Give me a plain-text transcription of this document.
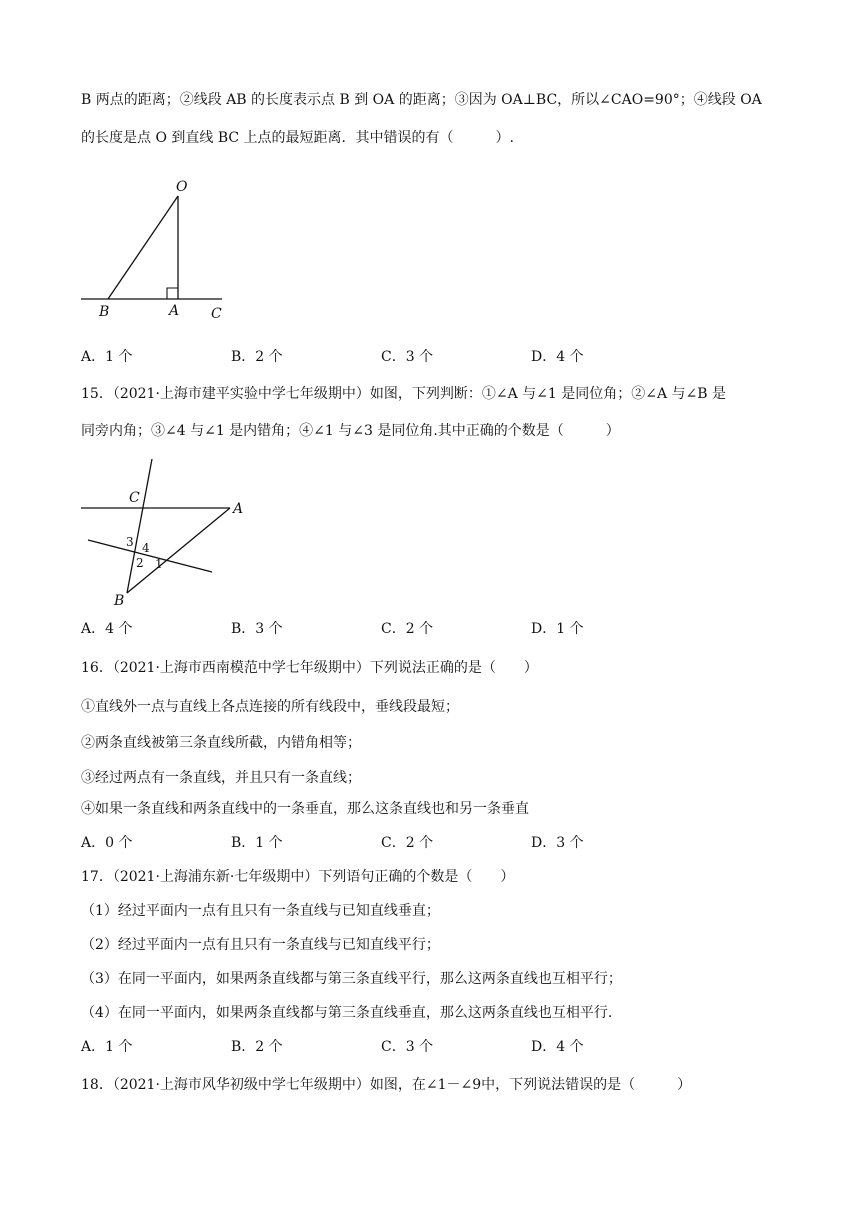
B 两点的距离；②线段 AB 的长度表示点 B 到 OA 的距离；③因为 OA⊥BC，所以∠CAO=90°；④线段 OA
的长度是点 O 到直线 BC 上点的最短距离．其中错误的有（　　　）.
O
B	A C
A．1 个	B．2 个	C．3 个	D．4 个
15．（2021·上海市建平实验中学七年级期中）如图，下列判断：①∠A 与∠1 是同位角；②∠A 与∠B 是
同旁内角；③∠4 与∠1 是内错角；④∠1 与∠3 是同位角.其中正确的个数是（　　　）
C
A
B
3 4
2 1
A．4 个	B．3 个	C．2 个	D．1 个
16．（2021·上海市西南模范中学七年级期中）下列说法正确的是（　　）
①直线外一点与直线上各点连接的所有线段中，垂线段最短；
②两条直线被第三条直线所截，内错角相等；
③经过两点有一条直线，并且只有一条直线；
④如果一条直线和两条直线中的一条垂直，那么这条直线也和另一条垂直
A．0 个	B．1 个	C．2 个	D．3 个
17．（2021·上海浦东新·七年级期中）下列语句正确的个数是（　　）
（1）经过平面内一点有且只有一条直线与已知直线垂直；
（2）经过平面内一点有且只有一条直线与已知直线平行；
（3）在同一平面内，如果两条直线都与第三条直线平行，那么这两条直线也互相平行；
（4）在同一平面内，如果两条直线都与第三条直线垂直，那么这两条直线也互相平行.
A．1 个	B．2 个	C．3 个	D．4 个
18．（2021·上海市风华初级中学七年级期中）如图，在∠1－∠9中，下列说法错误的是（　　　）
